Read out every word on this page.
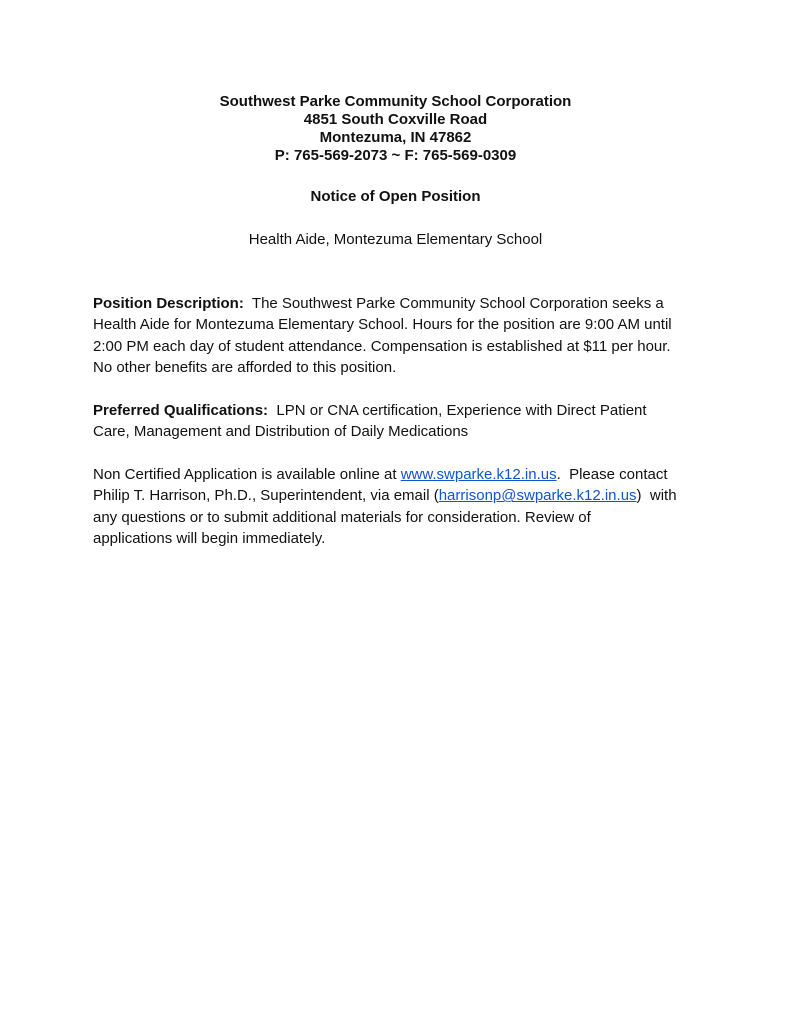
Southwest Parke Community School Corporation
4851 South Coxville Road
Montezuma, IN 47862
P: 765-569-2073 ~ F: 765-569-0309
Notice of Open Position
Health Aide, Montezuma Elementary School
Position Description:  The Southwest Parke Community School Corporation seeks a
Health Aide for Montezuma Elementary School. Hours for the position are 9:00 AM until
2:00 PM each day of student attendance. Compensation is established at $11 per hour.
No other benefits are afforded to this position.
Preferred Qualifications:  LPN or CNA certification, Experience with Direct Patient
Care, Management and Distribution of Daily Medications
Non Certified Application is available online at www.swparke.k12.in.us.  Please contact
Philip T. Harrison, Ph.D., Superintendent, via email (harrisonp@swparke.k12.in.us)  with
any questions or to submit additional materials for consideration. Review of
applications will begin immediately.
